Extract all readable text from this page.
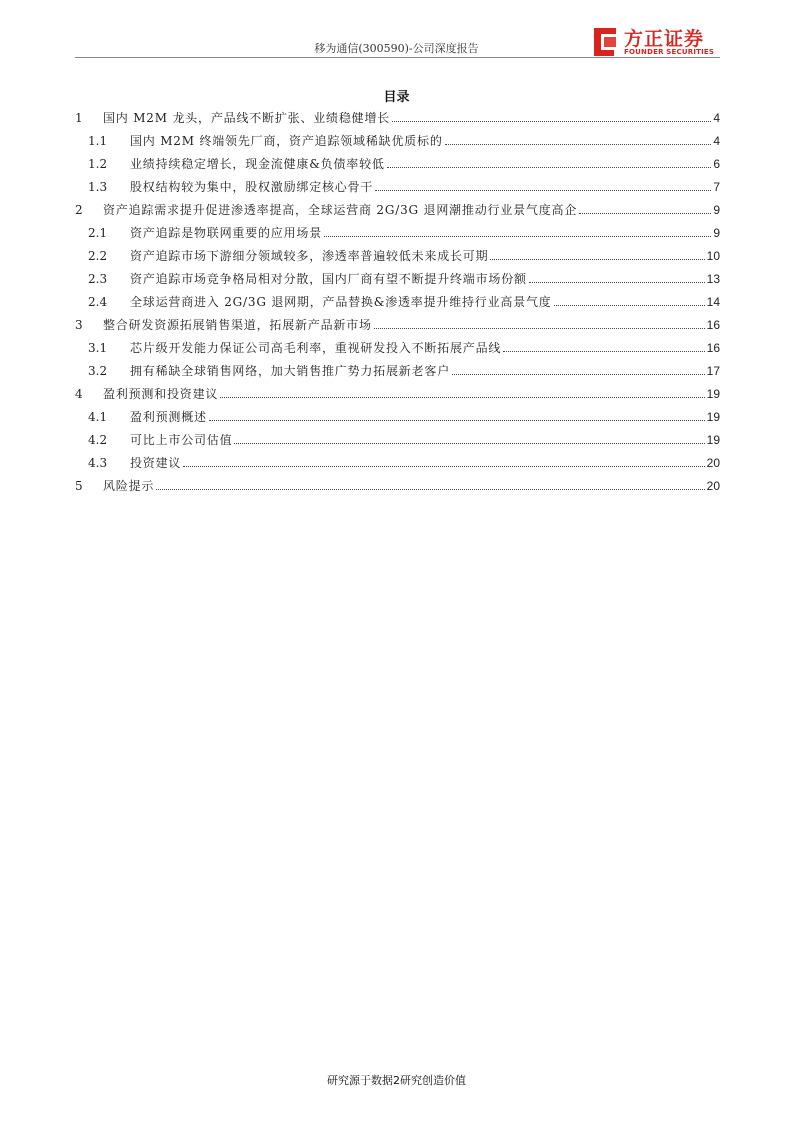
移为通信(300590)-公司深度报告	方正证券
FOUNDER SECURITIES
目录
1	国内 M2M 龙头，产品线不断扩张、业绩稳健增长	4
1.1	国内 M2M 终端领先厂商，资产追踪领域稀缺优质标的	4
1.2	业绩持续稳定增长，现金流健康&负债率较低	6
1.3	股权结构较为集中，股权激励绑定核心骨干	7
2	资产追踪需求提升促进渗透率提高，全球运营商 2G/3G 退网潮推动行业景气度高企	9
2.1	资产追踪是物联网重要的应用场景	9
2.2	资产追踪市场下游细分领域较多，渗透率普遍较低未来成长可期	10
2.3	资产追踪市场竞争格局相对分散，国内厂商有望不断提升终端市场份额	13
2.4	全球运营商进入 2G/3G 退网期，产品替换&渗透率提升维持行业高景气度	14
3	整合研发资源拓展销售渠道，拓展新产品新市场	16
3.1	芯片级开发能力保证公司高毛利率，重视研发投入不断拓展产品线	16
3.2	拥有稀缺全球销售网络，加大销售推广势力拓展新老客户	17
4	盈利预测和投资建议	19
4.1	盈利预测概述	19
4.2	可比上市公司估值	19
4.3	投资建议	20
5	风险提示	20
研究源于数据2研究创造价值
